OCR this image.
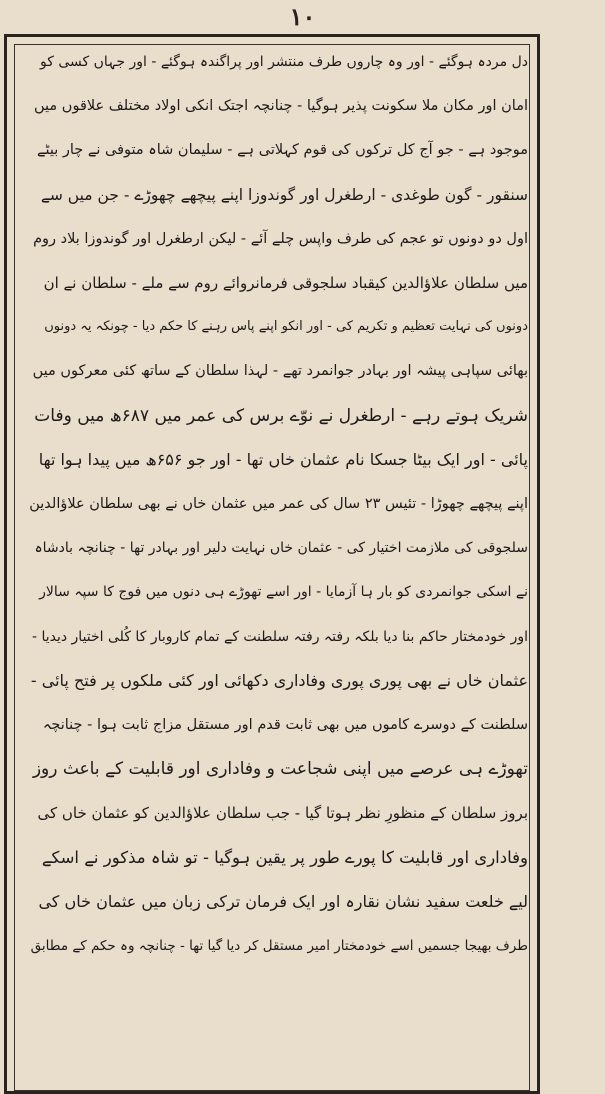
۱۰
دل مردہ ہوگئے - اور وہ چاروں طرف منتشر اور پراگندہ ہوگئے - اور جہاں کسی کو
امان اور مکان ملا سکونت پذیر ہوگیا - چنانچہ اجتک انکی اولاد مختلف علاقوں میں
موجود ہے - جو آج کل ترکوں کی قوم کہلاتی ہے - سلیمان شاہ متوفی نے چار بیٹے
سنقور - گون طوغدی - ارطغرل اور گوندوزا اپنے پیچھے چھوڑے - جن میں سے
اول دو دونوں تو عجم کی طرف واپس چلے آئے - لیکن ارطغرل اور گوندوزا بلاد روم
میں سلطان علاؤالدین کیقباد سلجوقی فرمانروائے روم سے ملے - سلطان نے ان
دونوں کی نہایت تعظیم و تکریم کی - اور انکو اپنے پاس رہنے کا حکم دیا - چونکہ یہ دونوں
بھائی سپاہی پیشہ اور بہادر جوانمرد تھے - لہذا سلطان کے ساتھ کئی معرکوں میں
شریک ہوتے رہے - ارطغرل نے نوّے برس کی عمر میں ۶۸۷ھ میں وفات
پائی - اور ایک بیٹا جسکا نام عثمان خاں تھا - اور جو ۶۵۶ھ میں پیدا ہوا تھا
اپنے پیچھے چھوڑا - تئیس ۲۳ سال کی عمر میں عثمان خاں نے بھی سلطان علاؤالدین
سلجوقی کی ملازمت اختیار کی - عثمان خاں نہایت دلیر اور بہادر تھا - چنانچہ بادشاہ
نے اسکی جوانمردی کو بار ہا آزمایا - اور اسے تھوڑے ہی دنوں میں فوج کا سپہ سالار
اور خودمختار حاکم بنا دیا بلکہ رفتہ رفتہ سلطنت کے تمام کاروبار کا کُلی اختیار دیدیا -
عثمان خاں نے بھی پوری پوری وفاداری دکھائی اور کئی ملکوں پر فتح پائی -
سلطنت کے دوسرے کاموں میں بھی ثابت قدم اور مستقل مزاج ثابت ہوا - چنانچہ
تھوڑے ہی عرصے میں اپنی شجاعت و وفاداری اور قابلیت کے باعث روز
بروز سلطان کے منظورِ نظر ہوتا گیا - جب سلطان علاؤالدین کو عثمان خاں کی
وفاداری اور قابلیت کا پورے طور پر یقین ہوگیا - تو شاہ مذکور نے اسکے
لیے خلعت سفید نشان نقارہ اور ایک فرمان ترکی زبان میں عثمان خاں کی
طرف بھیجا جسمیں اسے خودمختار امیر مستقل کر دیا گیا تھا - چنانچہ وہ حکم کے مطابق
